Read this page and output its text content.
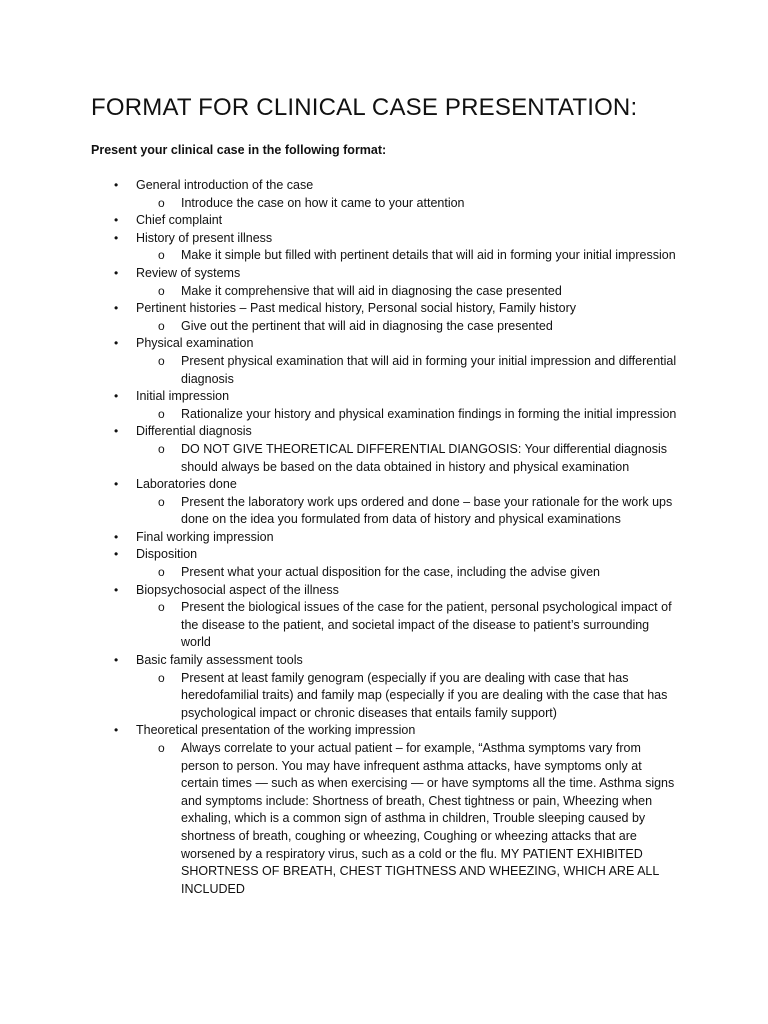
FORMAT FOR CLINICAL CASE PRESENTATION:
Present your clinical case in the following format:
• General introduction of the case
o Introduce the case on how it came to your attention
• Chief complaint
• History of present illness
o Make it simple but filled with pertinent details that will aid in forming your initial impression
• Review of systems
o Make it comprehensive that will aid in diagnosing the case presented
• Pertinent histories – Past medical history, Personal social history, Family history
o Give out the pertinent that will aid in diagnosing the case presented
• Physical examination
o Present physical examination that will aid in forming your initial impression and differential diagnosis
• Initial impression
o Rationalize your history and physical examination findings in forming the initial impression
• Differential diagnosis
o DO NOT GIVE THEORETICAL DIFFERENTIAL DIANGOSIS: Your differential diagnosis should always be based on the data obtained in history and physical examination
• Laboratories done
o Present the laboratory work ups ordered and done – base your rationale for the work ups done on the idea you formulated from data of history and physical examinations
• Final working impression
• Disposition
o Present what your actual disposition for the case, including the advise given
• Biopsychosocial aspect of the illness
o Present the biological issues of the case for the patient, personal psychological impact of the disease to the patient, and societal impact of the disease to patient’s surrounding world
• Basic family assessment tools
o Present at least family genogram (especially if you are dealing with case that has heredofamilial traits) and family map (especially if you are dealing with the case that has psychological impact or chronic diseases that entails family support)
• Theoretical presentation of the working impression
o Always correlate to your actual patient – for example, “Asthma symptoms vary from person to person. You may have infrequent asthma attacks, have symptoms only at certain times — such as when exercising — or have symptoms all the time. Asthma signs and symptoms include: Shortness of breath, Chest tightness or pain, Wheezing when exhaling, which is a common sign of asthma in children, Trouble sleeping caused by shortness of breath, coughing or wheezing, Coughing or wheezing attacks that are worsened by a respiratory virus, such as a cold or the flu. MY PATIENT EXHIBITED SHORTNESS OF BREATH, CHEST TIGHTNESS AND WHEEZING, WHICH ARE ALL INCLUDED
